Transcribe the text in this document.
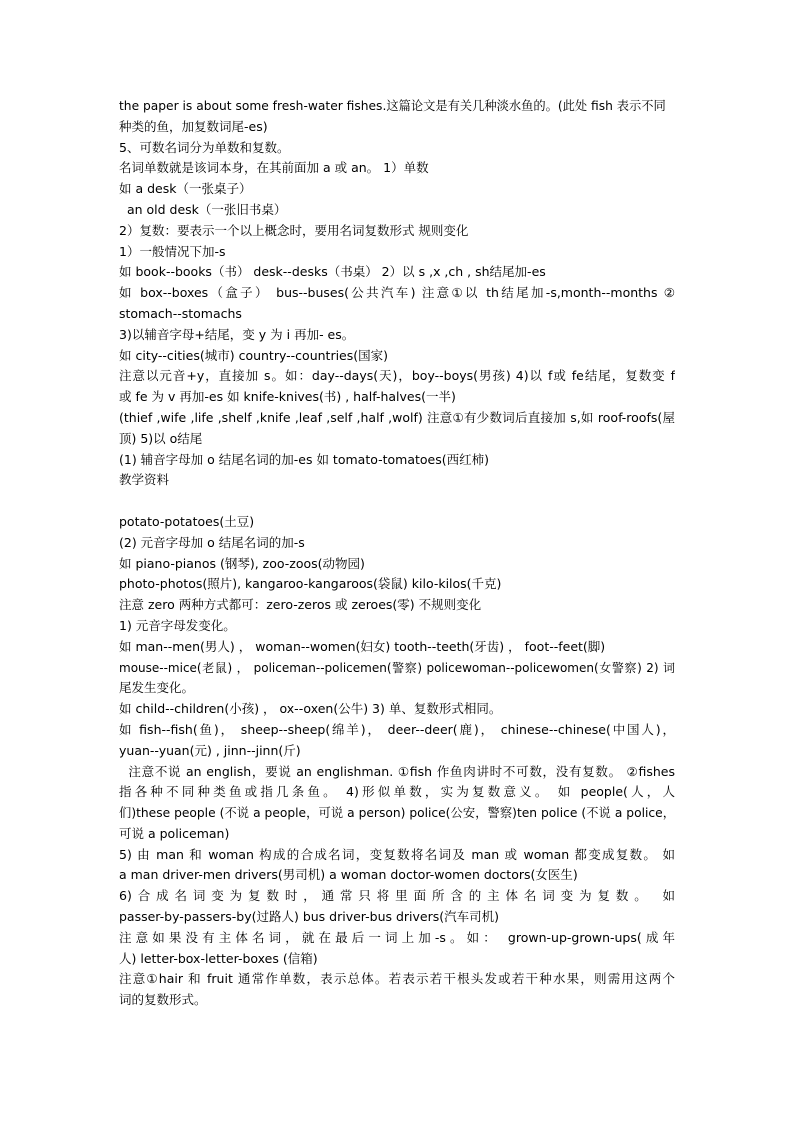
the paper is about some fresh-water fishes.这篇论文是有关几种淡水鱼的。(此处 fish 表示不同
种类的鱼，加复数词尾-es)
5、可数名词分为单数和复数。
名词单数就是该词本身，在其前面加 a 或 an。 1）单数
如 a desk（一张桌子）
an old desk（一张旧书桌）
2）复数：要表示一个以上概念时，要用名词复数形式 规则变化
1）一般情况下加-s
如 book--books（书） desk--desks（书桌） 2）以 s ,x ,ch , sh结尾加-es
如 box--boxes（盒子） bus--buses(公共汽车) 注意①以 th结尾加-s,month--months ②
stomach--stomachs
3)以辅音字母+结尾，变 y 为 i 再加- es。
如 city--cities(城市) country--countries(国家)
注意以元音+y，直接加 s。如：day--days(天)，boy--boys(男孩) 4)以 f或 fe结尾，复数变 f
或 fe 为 v 再加-es 如 knife-knives(书) , half-halves(一半)
(thief ,wife ,life ,shelf ,knife ,leaf ,self ,half ,wolf) 注意①有少数词后直接加 s,如 roof-roofs(屋
顶) 5)以 o结尾
(1) 辅音字母加 o 结尾名词的加-es 如 tomato-tomatoes(西红柿)
教学资料
potato-potatoes(土豆)
(2) 元音字母加 o 结尾名词的加-s
如 piano-pianos (钢琴), zoo-zoos(动物园)
photo-photos(照片), kangaroo-kangaroos(袋鼠) kilo-kilos(千克)
注意 zero 两种方式都可：zero-zeros 或 zeroes(零) 不规则变化
1) 元音字母发变化。
如 man--men(男人) ， woman--women(妇女) tooth--teeth(牙齿) ， foot--feet(脚)
mouse--mice(老鼠) ， policeman--policemen(警察) policewoman--policewomen(女警察) 2) 词
尾发生变化。
如 child--children(小孩) ， ox--oxen(公牛) 3) 单、复数形式相同。
如 fish--fish(鱼)， sheep--sheep(绵羊)， deer--deer(鹿)， chinese--chinese(中国人)，
yuan--yuan(元) , jinn--jinn(斤)
注意不说 an english，要说 an englishman. ①fish 作鱼肉讲时不可数，没有复数。 ②fishes
指各种不同种类鱼或指几条鱼。 4)形似单数，实为复数意义。 如 people(人，人
们)these people (不说 a people，可说 a person) police(公安，警察)ten police (不说 a police，
可说 a policeman)
5) 由 man 和 woman 构成的合成名词，变复数将名词及 man 或 woman 都变成复数。 如
a man driver-men drivers(男司机) a woman doctor-women doctors(女医生)
6)合成名词变为复数时，通常只将里面所含的主体名词变为复数。 如
passer-by-passers-by(过路人) bus driver-bus drivers(汽车司机)
注意如果没有主体名词，就在最后一词上加-s。如： grown-up-grown-ups(成年
人) letter-box-letter-boxes (信箱)
注意①hair 和 fruit 通常作单数，表示总体。若表示若干根头发或若干种水果，则需用这两个
词的复数形式。
